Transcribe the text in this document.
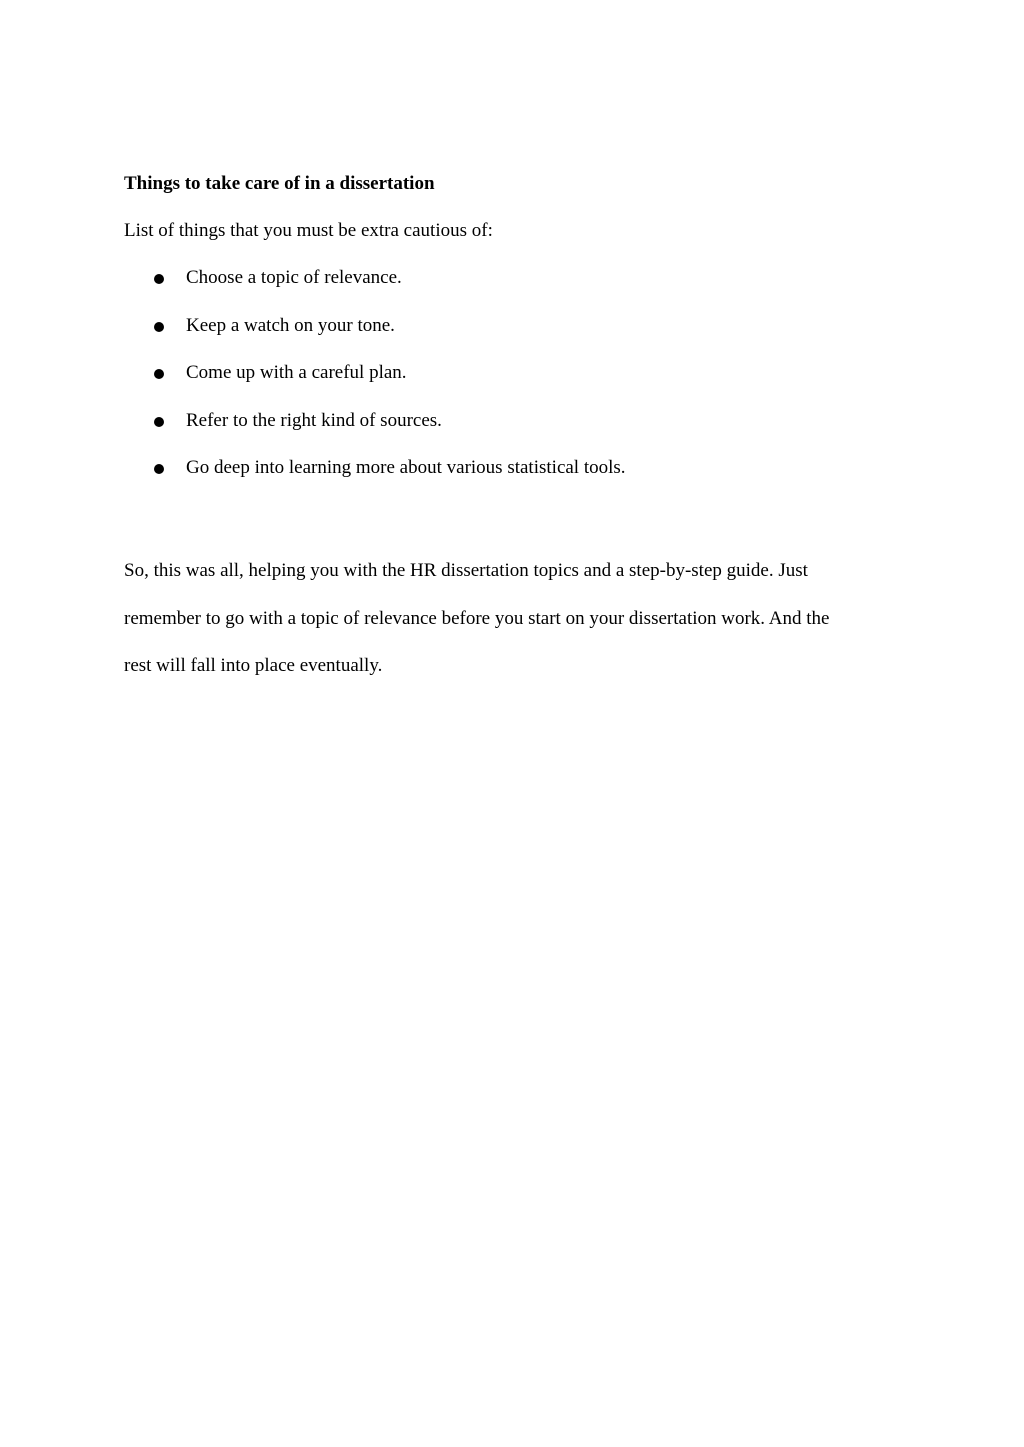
Things to take care of in a dissertation
List of things that you must be extra cautious of:
Choose a topic of relevance.
Keep a watch on your tone.
Come up with a careful plan.
Refer to the right kind of sources.
Go deep into learning more about various statistical tools.
So, this was all, helping you with the HR dissertation topics and a step-by-step guide. Just
remember to go with a topic of relevance before you start on your dissertation work. And the
rest will fall into place eventually.
